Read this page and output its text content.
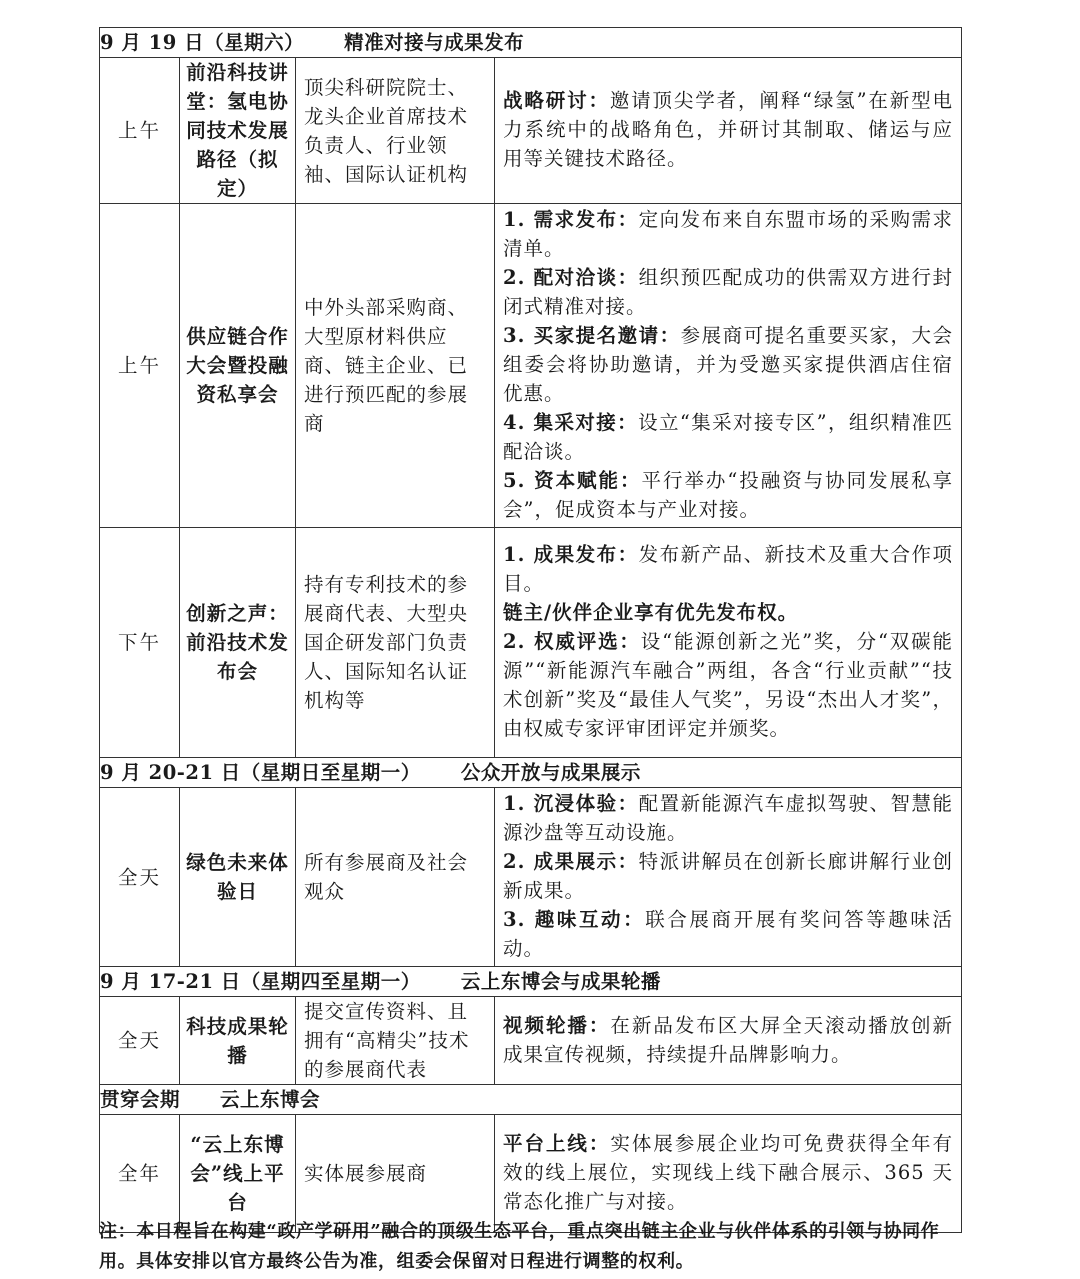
9 月 19 日（星期六） 精准对接与成果发布			
上午	前沿科技讲堂：氢电协同技术发展路径（拟定）	顶尖科研院院士、龙头企业首席技术负责人、行业领袖、国际认证机构	战略研讨：邀请顶尖学者，阐释“绿氢”在新型电力系统中的战略角色，并研讨其制取、储运与应用等关键技术路径。

上午	供应链合作大会暨投融资私享会	中外头部采购商、大型原材料供应商、链主企业、已进行预匹配的参展商	1. 需求发布：定向发布来自东盟市场的采购需求清单。
2. 配对洽谈：组织预匹配成功的供需双方进行封闭式精准对接。
3. 买家提名邀请：参展商可提名重要买家，大会组委会将协助邀请，并为受邀买家提供酒店住宿优惠。
4. 集采对接：设立“集采对接专区”，组织精准匹配洽谈。
5. 资本赋能：平行举办“投融资与协同发展私享会”，促成资本与产业对接。

下午	创新之声：前沿技术发布会	持有专利技术的参展商代表、大型央国企研发部门负责人、国际知名认证机构等	1. 成果发布：发布新产品、新技术及重大合作项目。
链主/伙伴企业享有优先发布权。
2. 权威评选：设“能源创新之光”奖，分“双碳能源”“新能源汽车融合”两组，各含“行业贡献”“技术创新”奖及“最佳人气奖”，另设“杰出人才奖”，由权威专家评审团评定并颁奖。

9 月 20-21 日（星期日至星期一） 公众开放与成果展示			
全天	绿色未来体验日	所有参展商及社会观众	1. 沉浸体验：配置新能源汽车虚拟驾驶、智慧能源沙盘等互动设施。
2. 成果展示：特派讲解员在创新长廊讲解行业创新成果。
3. 趣味互动：联合展商开展有奖问答等趣味活动。

9 月 17-21 日（星期四至星期一） 云上东博会与成果轮播			
全天	科技成果轮播	提交宣传资料、且拥有“高精尖”技术的参展商代表	视频轮播：在新品发布区大屏全天滚动播放创新成果宣传视频，持续提升品牌影响力。

贯穿会期 云上东博会			
全年	“云上东博会”线上平台	实体展参展商	平台上线：实体展参展企业均可免费获得全年有效的线上展位，实现线上线下融合展示、365 天常态化推广与对接。
注：本日程旨在构建“政产学研用”融合的顶级生态平台，重点突出链主企业与伙伴体系的引领与协同作用。具体安排以官方最终公告为准，组委会保留对日程进行调整的权利。
